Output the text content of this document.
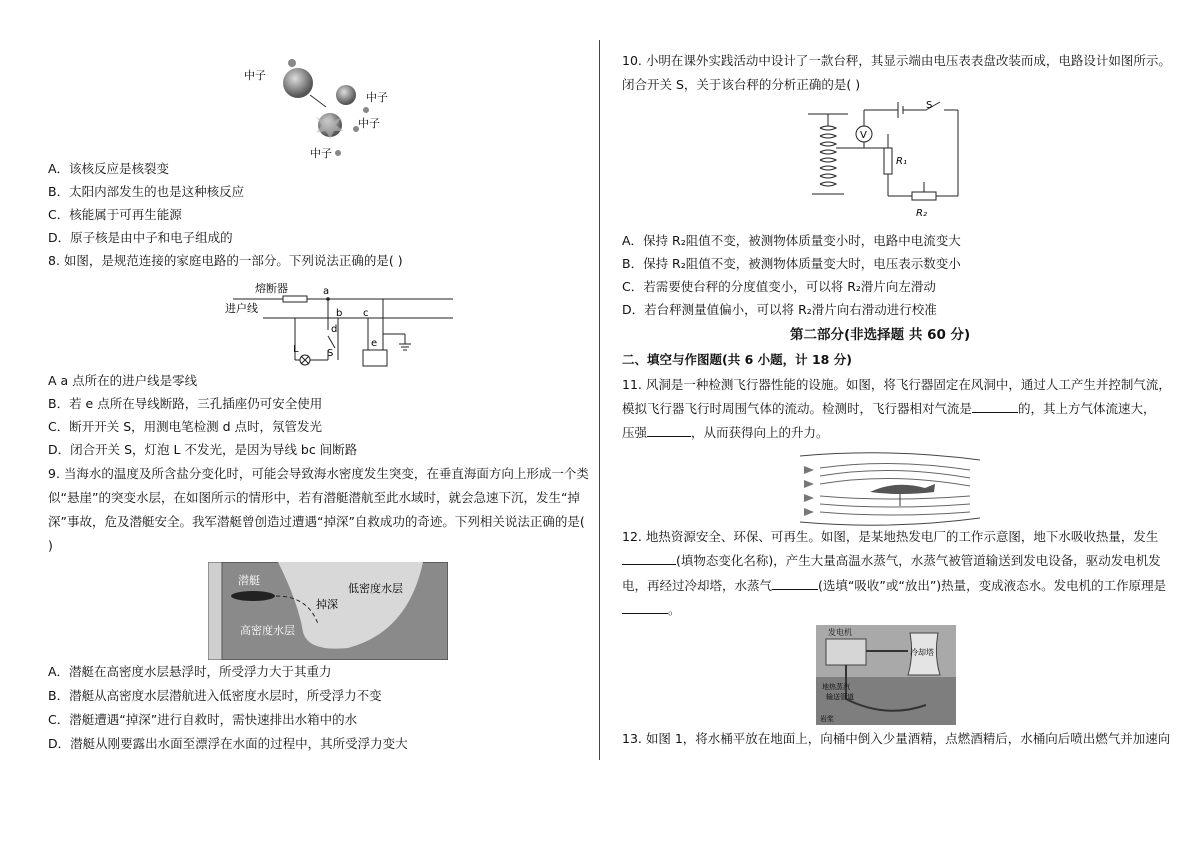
中子
中子
中子
中子
A．该核反应是核裂变
B．太阳内部发生的也是这种核反应
C．核能属于可再生能源
D．原子核是由中子和电子组成的
8. 如图，是规范连接的家庭电路的一部分。下列说法正确的是( )
熔断器
进户线
a
b c
d
S
L
e
A a 点所在的进户线是零线
B．若 e 点所在导线断路，三孔插座仍可安全使用
C．断开开关 S，用测电笔检测 d 点时，氖管发光
D．闭合开关 S，灯泡 L 不发光，是因为导线 bc 间断路
9. 当海水的温度及所含盐分变化时，可能会导致海水密度发生突变，在垂直海面方向上形成一个类
似“悬崖”的突变水层，在如图所示的情形中，若有潜艇潜航至此水域时，就会急速下沉，发生“掉
深”事故，危及潜艇安全。我军潜艇曾创造过遭遇“掉深”自救成功的奇迹。下列相关说法正确的是(
)
潜艇
低密度水层
掉深
高密度水层
A．潜艇在高密度水层悬浮时，所受浮力大于其重力
B．潜艇从高密度水层潜航进入低密度水层时，所受浮力不变
C．潜艇遭遇“掉深”进行自救时，需快速排出水箱中的水
D．潜艇从刚要露出水面至漂浮在水面的过程中，其所受浮力变大
10. 小明在课外实践活动中设计了一款台秤，其显示端由电压表表盘改装而成，电路设计如图所示。
闭合开关 S，关于该台秤的分析正确的是( )
V
S
R₁
R₂
A．保持 R₂阻值不变，被测物体质量变小时，电路中电流变大
B．保持 R₂阻值不变，被测物体质量变大时，电压表示数变小
C．若需要使台秤的分度值变小，可以将 R₂滑片向左滑动
D．若台秤测量值偏小，可以将 R₂滑片向右滑动进行校准
第二部分(非选择题 共 60 分)
二、填空与作图题(共 6 小题，计 18 分)
11. 风洞是一种检测飞行器性能的设施。如图，将飞行器固定在风洞中，通过人工产生并控制气流，
模拟飞行器飞行时周围气体的流动。检测时，飞行器相对气流是	的，其上方气体流速大，
压强	，从而获得向上的升力。
12. 地热资源安全、环保、可再生。如图，是某地热发电厂的工作示意图，地下水吸收热量，发生
(填物态变化名称)，产生大量高温水蒸气，水蒸气被管道输送到发电设备，驱动发电机发
电，再经过冷却塔，水蒸气	(选填“吸收”或“放出”)热量，变成液态水。发电机的工作原理是
。
发电机
冷却塔
地热蒸汽
输送管道
岩浆
13. 如图 1，将水桶平放在地面上，向桶中倒入少量酒精，点燃酒精后，水桶向后喷出燃气并加速向
